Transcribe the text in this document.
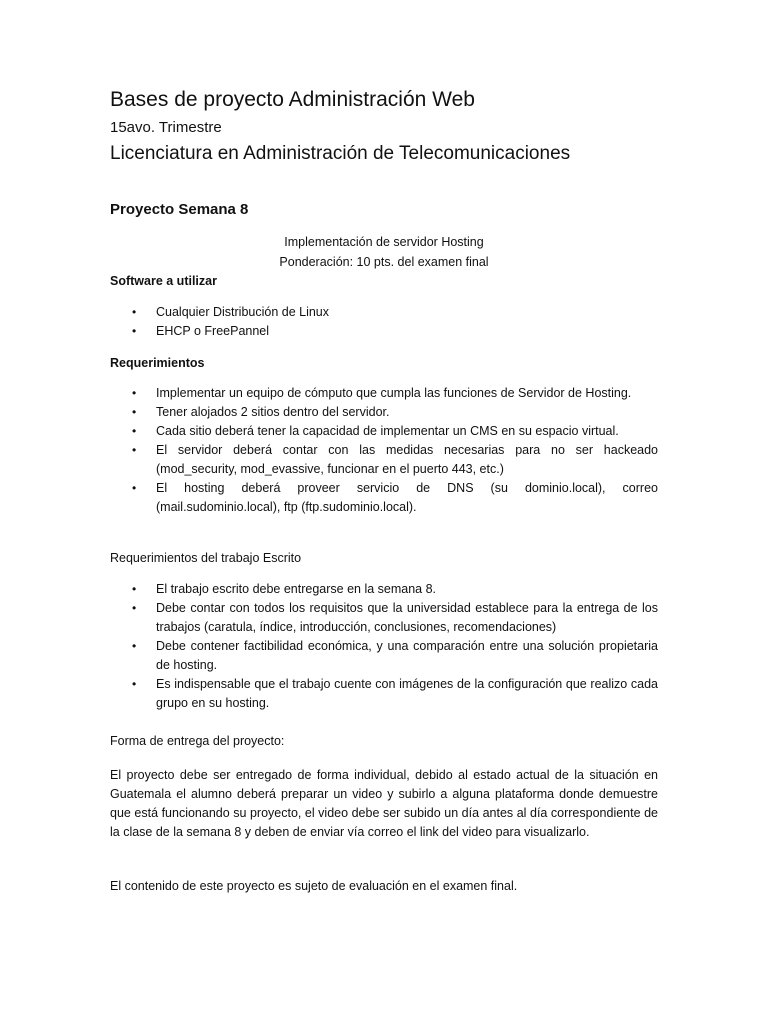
Bases de proyecto Administración Web
15avo. Trimestre
Licenciatura en Administración de Telecomunicaciones
Proyecto Semana 8
Implementación de servidor Hosting
Ponderación: 10 pts. del examen final
Software a utilizar
• Cualquier Distribución de Linux
• EHCP o FreePannel
Requerimientos
• Implementar un equipo de cómputo que cumpla las funciones de Servidor de Hosting.
• Tener alojados 2 sitios dentro del servidor.
• Cada sitio deberá tener la capacidad de implementar un CMS en su espacio virtual.
• El servidor deberá contar con las medidas necesarias para no ser hackeado (mod_security, mod_evassive, funcionar en el puerto 443, etc.)
• El hosting deberá proveer servicio de DNS (su dominio.local), correo (mail.sudominio.local), ftp (ftp.sudominio.local).
Requerimientos del trabajo Escrito
• El trabajo escrito debe entregarse en la semana 8.
• Debe contar con todos los requisitos que la universidad establece para la entrega de los trabajos (caratula, índice, introducción, conclusiones, recomendaciones)
• Debe contener factibilidad económica, y una comparación entre una solución propietaria de hosting.
• Es indispensable que el trabajo cuente con imágenes de la configuración que realizo cada grupo en su hosting.
Forma de entrega del proyecto:

El proyecto debe ser entregado de forma individual, debido al estado actual de la situación en Guatemala el alumno deberá preparar un video y subirlo a alguna plataforma donde demuestre que está funcionando su proyecto, el video debe ser subido un día antes al día correspondiente de la clase de la semana 8 y deben de enviar vía correo el link del video para visualizarlo.

El contenido de este proyecto es sujeto de evaluación en el examen final.
